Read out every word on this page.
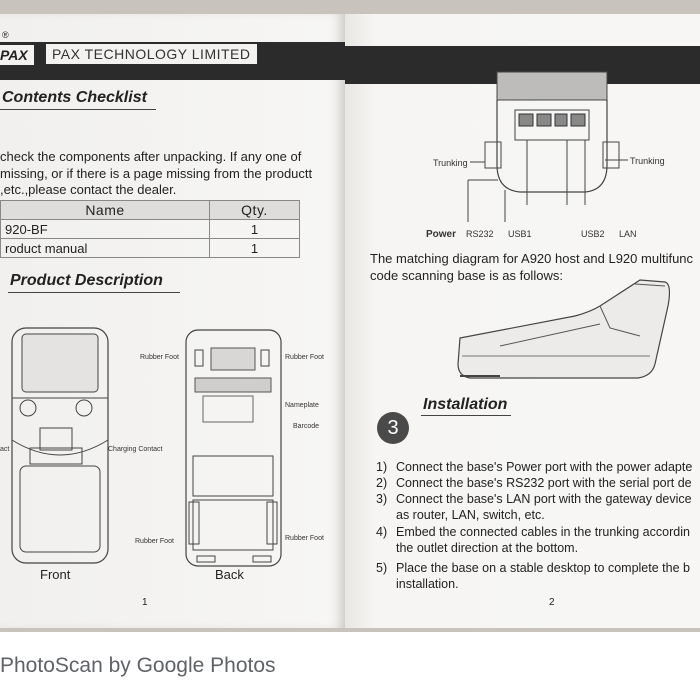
®
PAX	PAX TECHNOLOGY LIMITED
Contents Checklist
check the components after unpacking. If any one of
missing, or if there is a page missing from the productt
,etc.,please contact the dealer.
Name	Qty.
920-BF	1
roduct manual	1
Product Description
act
Rubber Foot	Rubber Foot
Nameplate
Barcode
Charging Contact
Rubber Foot	Rubber Foot
Front	Back
1
Trunking	Trunking
Power RS232 USB1	USB2 LAN
The matching diagram for A920 host and L920 multifunc
code scanning base is as follows:
3
Installation
1) Connect the base's Power port with the power adapte
2) Connect the base's RS232 port with the serial port de
3) Connect the base's LAN port with the gateway device
as router, LAN, switch, etc.
4) Embed the connected cables in the trunking accordin
the outlet direction at the bottom.
5) Place the base on a stable desktop to complete the b
installation.
2
PhotoScan by Google Photos
